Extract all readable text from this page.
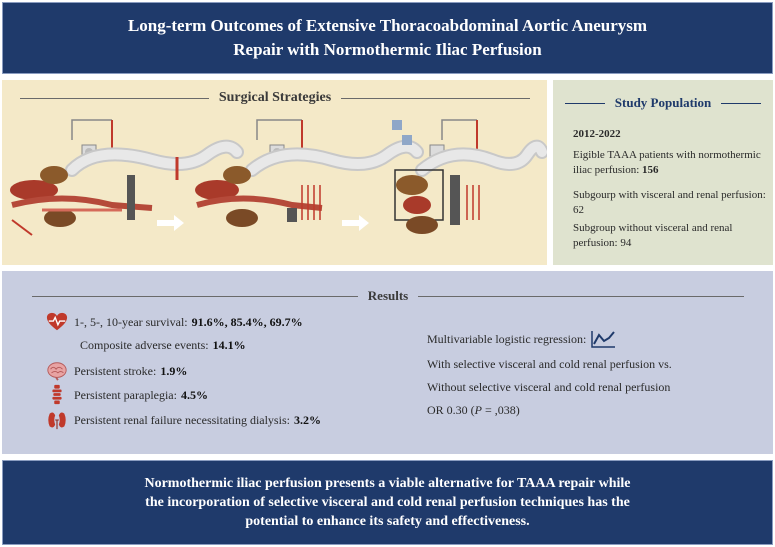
Long-term Outcomes of Extensive Thoracoabdominal Aortic Aneurysm
Repair with Normothermic Iliac Perfusion
Surgical Strategies	Study Population
2012-2022
Eigible TAAA patients with normothermic iliac perfusion: 156
Subgourp with visceral and renal perfusion: 62
Subgroup without visceral and renal perfusion: 94
Results
1-, 5-, 10-year survival: 91.6%, 85.4%, 69.7%
Composite adverse events: 14.1%
Persistent stroke: 1.9%
Persistent paraplegia: 4.5%
Persistent renal failure necessitating dialysis: 3.2%
Multivariable logistic regression:
With selective visceral and cold renal perfusion vs.
Without selective visceral and cold renal perfusion
OR 0.30 (P = ,038)
Normothermic iliac perfusion presents a viable alternative for TAAA repair while
the incorporation of selective visceral and cold renal perfusion techniques has the
potential to enhance its safety and effectiveness.
